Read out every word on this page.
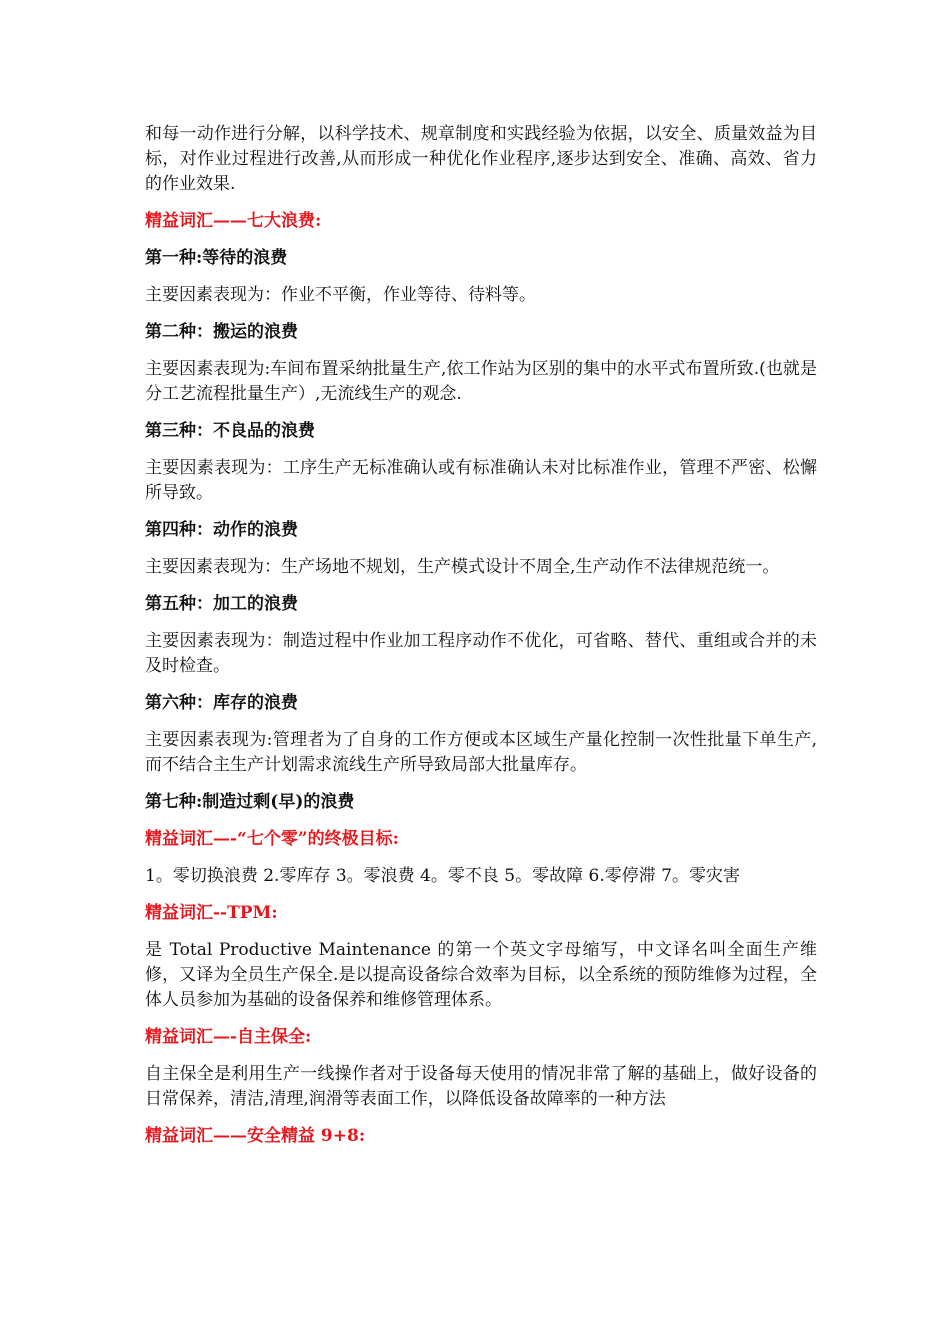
和每一动作进行分解，以科学技术、规章制度和实践经验为依据，以安全、质量效益为目标，对作业过程进行改善,从而形成一种优化作业程序,逐步达到安全、准确、高效、省力的作业效果.

精益词汇——七大浪费:

第一种:等待的浪费

主要因素表现为：作业不平衡，作业等待、待料等。

第二种：搬运的浪费

主要因素表现为:车间布置采纳批量生产,依工作站为区别的集中的水平式布置所致.(也就是分工艺流程批量生产）,无流线生产的观念.

第三种：不良品的浪费

主要因素表现为：工序生产无标准确认或有标准确认未对比标准作业，管理不严密、松懈所导致。

第四种：动作的浪费

主要因素表现为：生产场地不规划，生产模式设计不周全,生产动作不法律规范统一。

第五种：加工的浪费

主要因素表现为：制造过程中作业加工程序动作不优化，可省略、替代、重组或合并的未及时检查。

第六种：库存的浪费

主要因素表现为:管理者为了自身的工作方便或本区域生产量化控制一次性批量下单生产,而不结合主生产计划需求流线生产所导致局部大批量库存。

第七种:制造过剩(早)的浪费

精益词汇—-“七个零”的终极目标:

1。零切换浪费 2.零库存 3。零浪费 4。零不良 5。零故障 6.零停滞 7。零灾害

精益词汇--TPM:

是 Total Productive Maintenance 的第一个英文字母缩写，中文译名叫全面生产维修，又译为全员生产保全.是以提高设备综合效率为目标，以全系统的预防维修为过程，全体人员参加为基础的设备保养和维修管理体系。

精益词汇—-自主保全:

自主保全是利用生产一线操作者对于设备每天使用的情况非常了解的基础上，做好设备的日常保养，清洁,清理,润滑等表面工作，以降低设备故障率的一种方法

精益词汇——安全精益 9+8:
